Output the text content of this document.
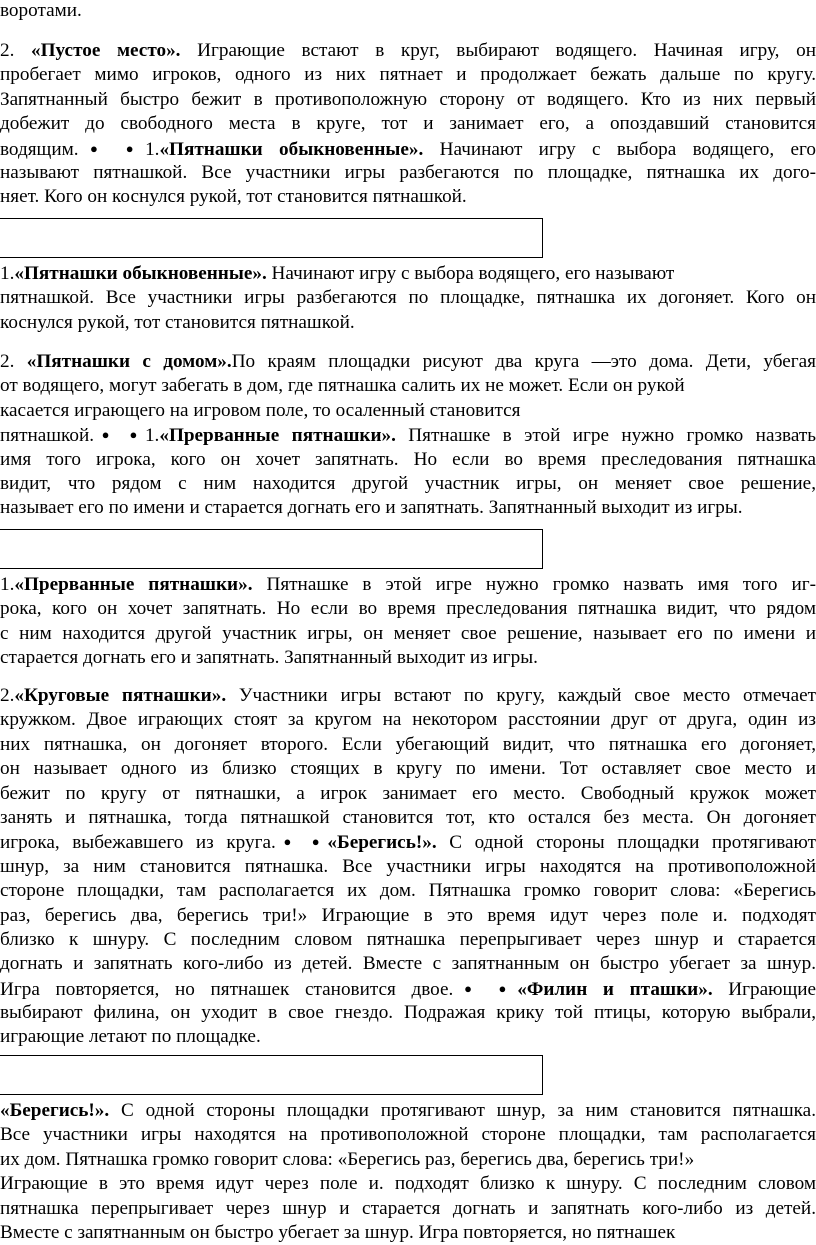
воротами.
2. «Пустое место». Играющие встают в круг, выбирают водящего. Начиная игру, он
пробегает мимо игроков, одного из них пятнает и продолжает бежать дальше по кругу.
Запятнанный быстро бежит в противоположную сторону от водящего. Кто из них первый
добежит до свободного места в круге, тот и занимает его, а опоздавший становится
водящим.● ●1.«Пятнашки обыкновенные». Начинают игру с выбора водящего, его
называют пятнашкой. Все участники игры разбегаются по площадке, пятнашка их дого-
няет. Кого он коснулся рукой, тот становится пятнашкой.
1.«Пятнашки обыкновенные». Начинают игру с выбора водящего, его называют
пятнашкой. Все участники игры разбегаются по площадке, пятнашка их догоняет. Кого он
коснулся рукой, тот становится пятнашкой.
2. «Пятнашки с домом».По краям площадки рисуют два круга —это дома. Дети, убегая
от водящего, могут забегать в дом, где пятнашка салить их не может. Если он рукой
касается играющего на игровом поле, то осаленный становится
пятнашкой.● ●1.«Прерванные пятнашки». Пятнашке в этой игре нужно громко назвать
имя того игрока, кого он хочет запятнать. Но если во время преследования пятнашка
видит, что рядом с ним находится другой участник игры, он меняет свое решение,
называет его по имени и старается догнать его и запятнать. Запятнанный выходит из игры.
1.«Прерванные пятнашки». Пятнашке в этой игре нужно громко назвать имя того иг-
рока, кого он хочет запятнать. Но если во время преследования пятнашка видит, что рядом
с ним находится другой участник игры, он меняет свое решение, называет его по имени и
старается догнать его и запятнать. Запятнанный выходит из игры.
2.«Круговые пятнашки». Участники игры встают по кругу, каждый свое место отмечает
кружком. Двое играющих стоят за кругом на некотором расстоянии друг от друга, один из
них пятнашка, он догоняет второго. Если убегающий видит, что пятнашка его догоняет,
он называет одного из близко стоящих в кругу по имени. Тот оставляет свое место и
бежит по кругу от пятнашки, а игрок занимает его место. Свободный кружок может
занять и пятнашка, тогда пятнашкой становится тот, кто остался без места. Он догоняет
игрока, выбежавшего из круга.● ●«Берегись!». С одной стороны площадки протягивают
шнур, за ним становится пятнашка. Все участники игры находятся на противоположной
стороне площадки, там располагается их дом. Пятнашка громко говорит слова: «Берегись
раз, берегись два, берегись три!» Играющие в это время идут через поле и. подходят
близко к шнуру. С последним словом пятнашка перепрыгивает через шнур и старается
догнать и запятнать кого-либо из детей. Вместе с запятнанным он быстро убегает за шнур.
Игра повторяется, но пятнашек становится двое.● ●«Филин и пташки». Играющие
выбирают филина, он уходит в свое гнездо. Подражая крику той птицы, которую выбрали,
играющие летают по площадке.
«Берегись!». С одной стороны площадки протягивают шнур, за ним становится пятнашка.
Все участники игры находятся на противоположной стороне площадки, там располагается
их дом. Пятнашка громко говорит слова: «Берегись раз, берегись два, берегись три!»
Играющие в это время идут через поле и. подходят близко к шнуру. С последним словом
пятнашка перепрыгивает через шнур и старается догнать и запятнать кого-либо из детей.
Вместе с запятнанным он быстро убегает за шнур. Игра повторяется, но пятнашек
